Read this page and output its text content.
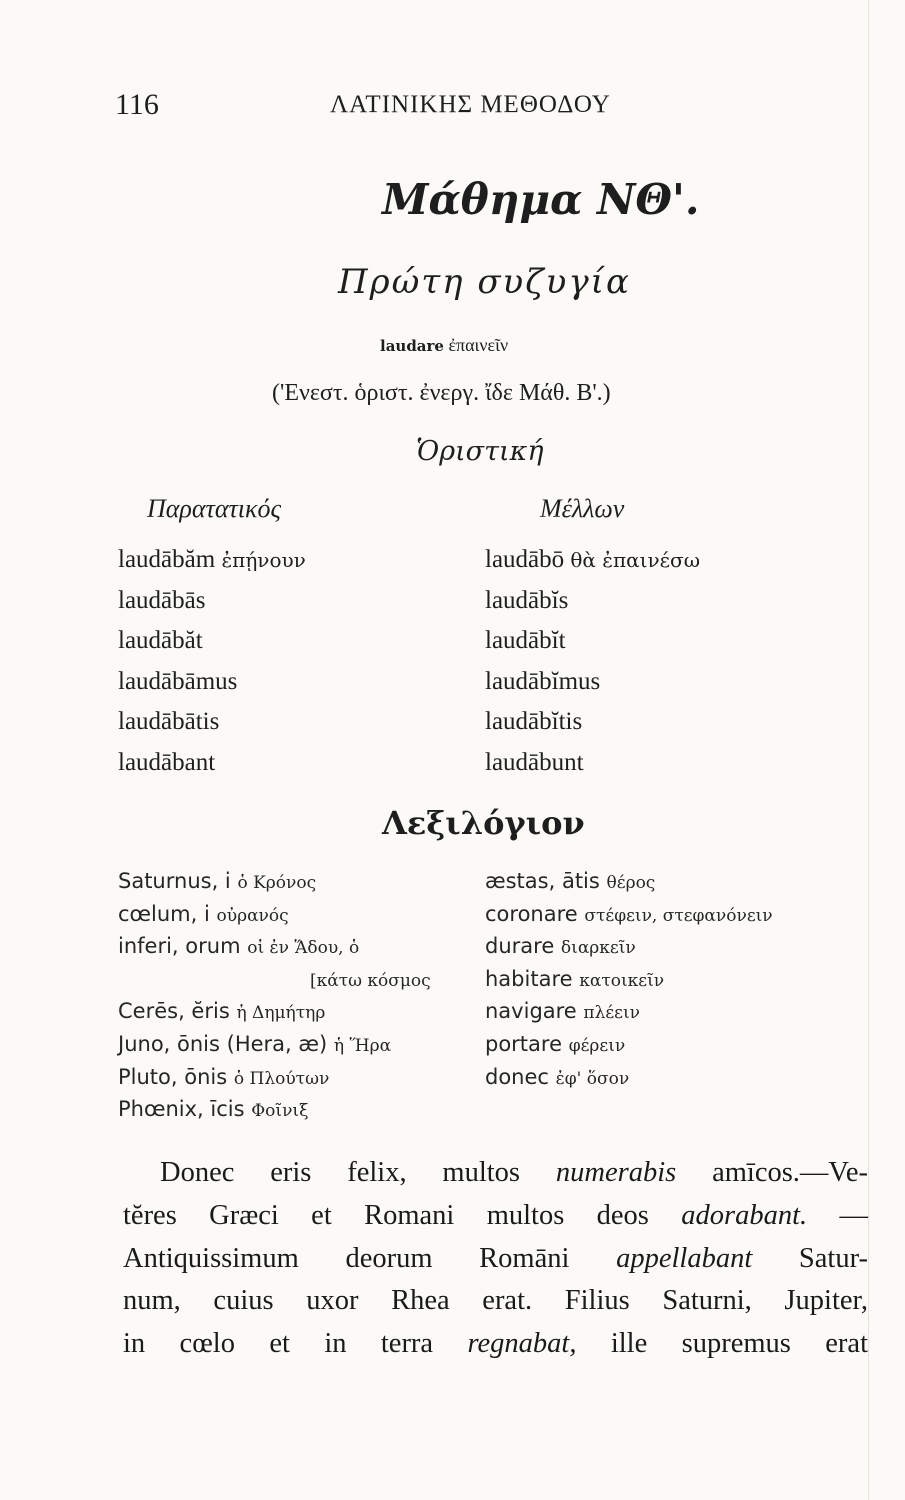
116	ΛΑΤΙΝΙΚΗΣ ΜΕΘΟΔΟΥ
Μάθημα ΝΘ'.
Πρώτη συζυγία
laudare ἐπαινεῖν
('Ενεστ. ὁριστ. ἐνεργ. ἴδε Μάθ. Β'.)
Ὁριστική
Παρατατικός	Μέλλων
laudābăm ἐπῄνουν
laudābās
laudābăt
laudābāmus
laudābātis
laudābant
laudābō θὰ ἐπαινέσω
laudābĭs
laudābĭt
laudābĭmus
laudābĭtis
laudābunt
Λεξιλόγιον
Saturnus, i ὁ Κρόνος
cœlum, i οὐρανός
inferi, orum οἱ ἐν Ἅδου, ὁ
[κάτω κόσμος
Cerēs, ĕris ἡ Δημήτηρ
Juno, ōnis (Hera, æ) ἡ Ἥρα
Pluto, ōnis ὁ Πλούτων
Phœnix, īcis Φοῖνιξ
æstas, ātis θέρος
coronare στέφειν, στεφανόνειν
durare διαρκεῖν
habitare κατοικεῖν
navigare πλέειν
portare φέρειν
donec ἐφ' ὅσον
Donec eris felix, multos numerabis amīcos.—Ve-
tĕres Græci et Romani multos deos adorabant. —
Antiquissimum deorum Romāni appellabant Satur-
num, cuius uxor Rhea erat. Filius Saturni, Jupiter,
in cœlo et in terra regnabat, ille supremus erat
